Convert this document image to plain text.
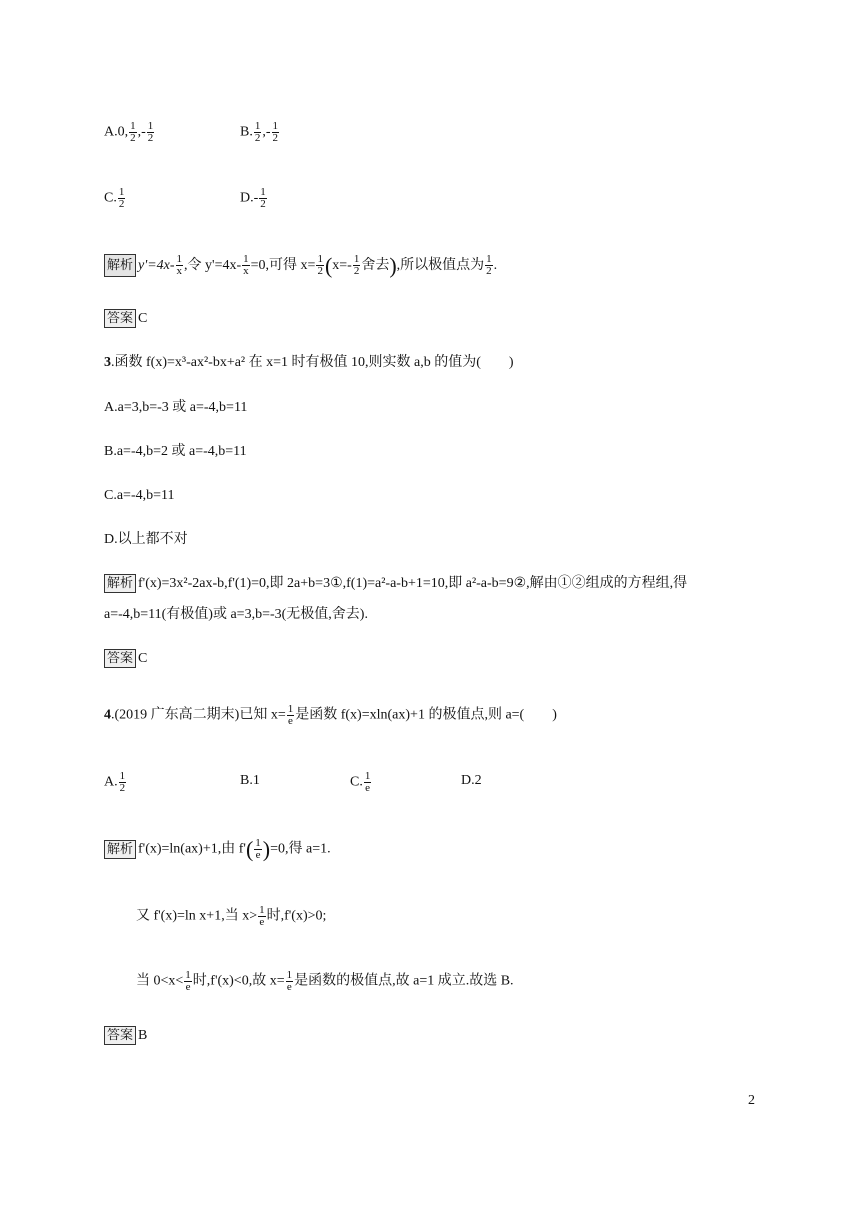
A.0, $\frac{1}{2}$ ,- $\frac{1}{2}$	B. $\frac{1}{2}$ ,- $\frac{1}{2}$
C. $\frac{1}{2}$	$D.- \frac{1}{2}$
解析 $y'=4x- \frac{1}{x}$ ,令 $y'=4x- \frac{1}{x} =0$,可得 $x= \frac{1}{2} (x=- \frac{1}{2}$ 舍去),所以极值点为 $\frac{1}{2}$ .
答案 C
3.函数 f(x)=x³-ax²-bx+a² 在 x=1 时有极值 10,则实数 a,b 的值为(　　)
A.a=3,b=-3 或 a=-4,b=11
B.a=-4,b=2 或 a=-4,b=11
C.a=-4,b=11
D.以上都不对
解析 f'(x)=3x²-2ax-b,f'(1)=0,即 2a+b=3①,f(1)=a²-a-b+1=10,即 a²-a-b=9②,解由①②组成的方程组,得
a=-4,b=11(有极值)或 a=3,b=-3(无极值,舍去).
答案 C
4.(2019 广东高二期末)已知 $x= \frac{1}{e}$ 是函数 f(x)=xln(ax)+1 的极值点,则 a=(　　)
A. $\frac{1}{2}$	B.1	C. $\frac{1}{e}$	D.2
解析 f'(x)=ln(ax)+1,由 $f'( \frac{1}{e} )=0$,得 a=1.
又 f'(x)=ln x+1,当 $x> \frac{1}{e}$ 时,f'(x)>0;
当 $0<x< \frac{1}{e}$ 时,f'(x)<0,故 $x= \frac{1}{e}$ 是函数的极值点,故 a=1 成立.故选 B.
答案 B
2
